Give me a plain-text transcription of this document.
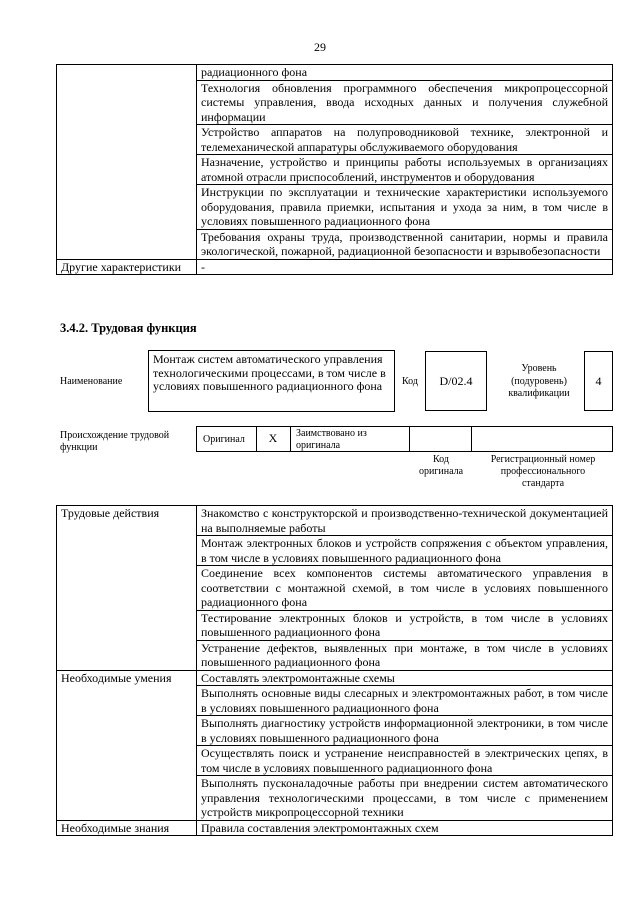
29
	радиационного фона
	Технология обновления программного обеспечения микропроцессорной системы управления, ввода исходных данных и получения служебной информации
	Устройство аппаратов на полупроводниковой технике, электронной и телемеханической аппаратуры обслуживаемого оборудования
	Назначение, устройство и принципы работы используемых в организациях атомной отрасли приспособлений, инструментов и оборудования
	Инструкции по эксплуатации и технические характеристики используемого оборудования, правила приемки, испытания и ухода за ним, в том числе в условиях повышенного радиационного фона
	Требования охраны труда, производственной санитарии, нормы и правила экологической, пожарной, радиационной безопасности и взрывобезопасности
Другие характеристики	-
3.4.2. Трудовая функция
Наименование
Монтаж систем автоматического управления технологическими процессами, в том числе в условиях повышенного радиационного фона	Код	D/02.4
Уровень (подуровень) квалификации
4
Происхождение трудовой функции
Оригинал	X	Заимствовано из оригинала
Код оригинала
Регистрационный номер профессионального стандарта
Трудовые действия	Знакомство с конструкторской и производственно-технической документацией на выполняемые работы
	Монтаж электронных блоков и устройств сопряжения с объектом управления, в том числе в условиях повышенного радиационного фона
	Соединение всех компонентов системы автоматического управления в соответствии с монтажной схемой, в том числе в условиях повышенного радиационного фона
	Тестирование электронных блоков и устройств, в том числе в условиях повышенного радиационного фона
	Устранение дефектов, выявленных при монтаже, в том числе в условиях повышенного радиационного фона
Необходимые умения	Составлять электромонтажные схемы
	Выполнять основные виды слесарных и электромонтажных работ, в том числе в условиях повышенного радиационного фона
	Выполнять диагностику устройств информационной электроники, в том числе в условиях повышенного радиационного фона
	Осуществлять поиск и устранение неисправностей в электрических цепях, в том числе в условиях повышенного радиационного фона
	Выполнять пусконаладочные работы при внедрении систем автоматического управления технологическими процессами, в том числе с применением устройств микропроцессорной техники
Необходимые знания	Правила составления электромонтажных схем
